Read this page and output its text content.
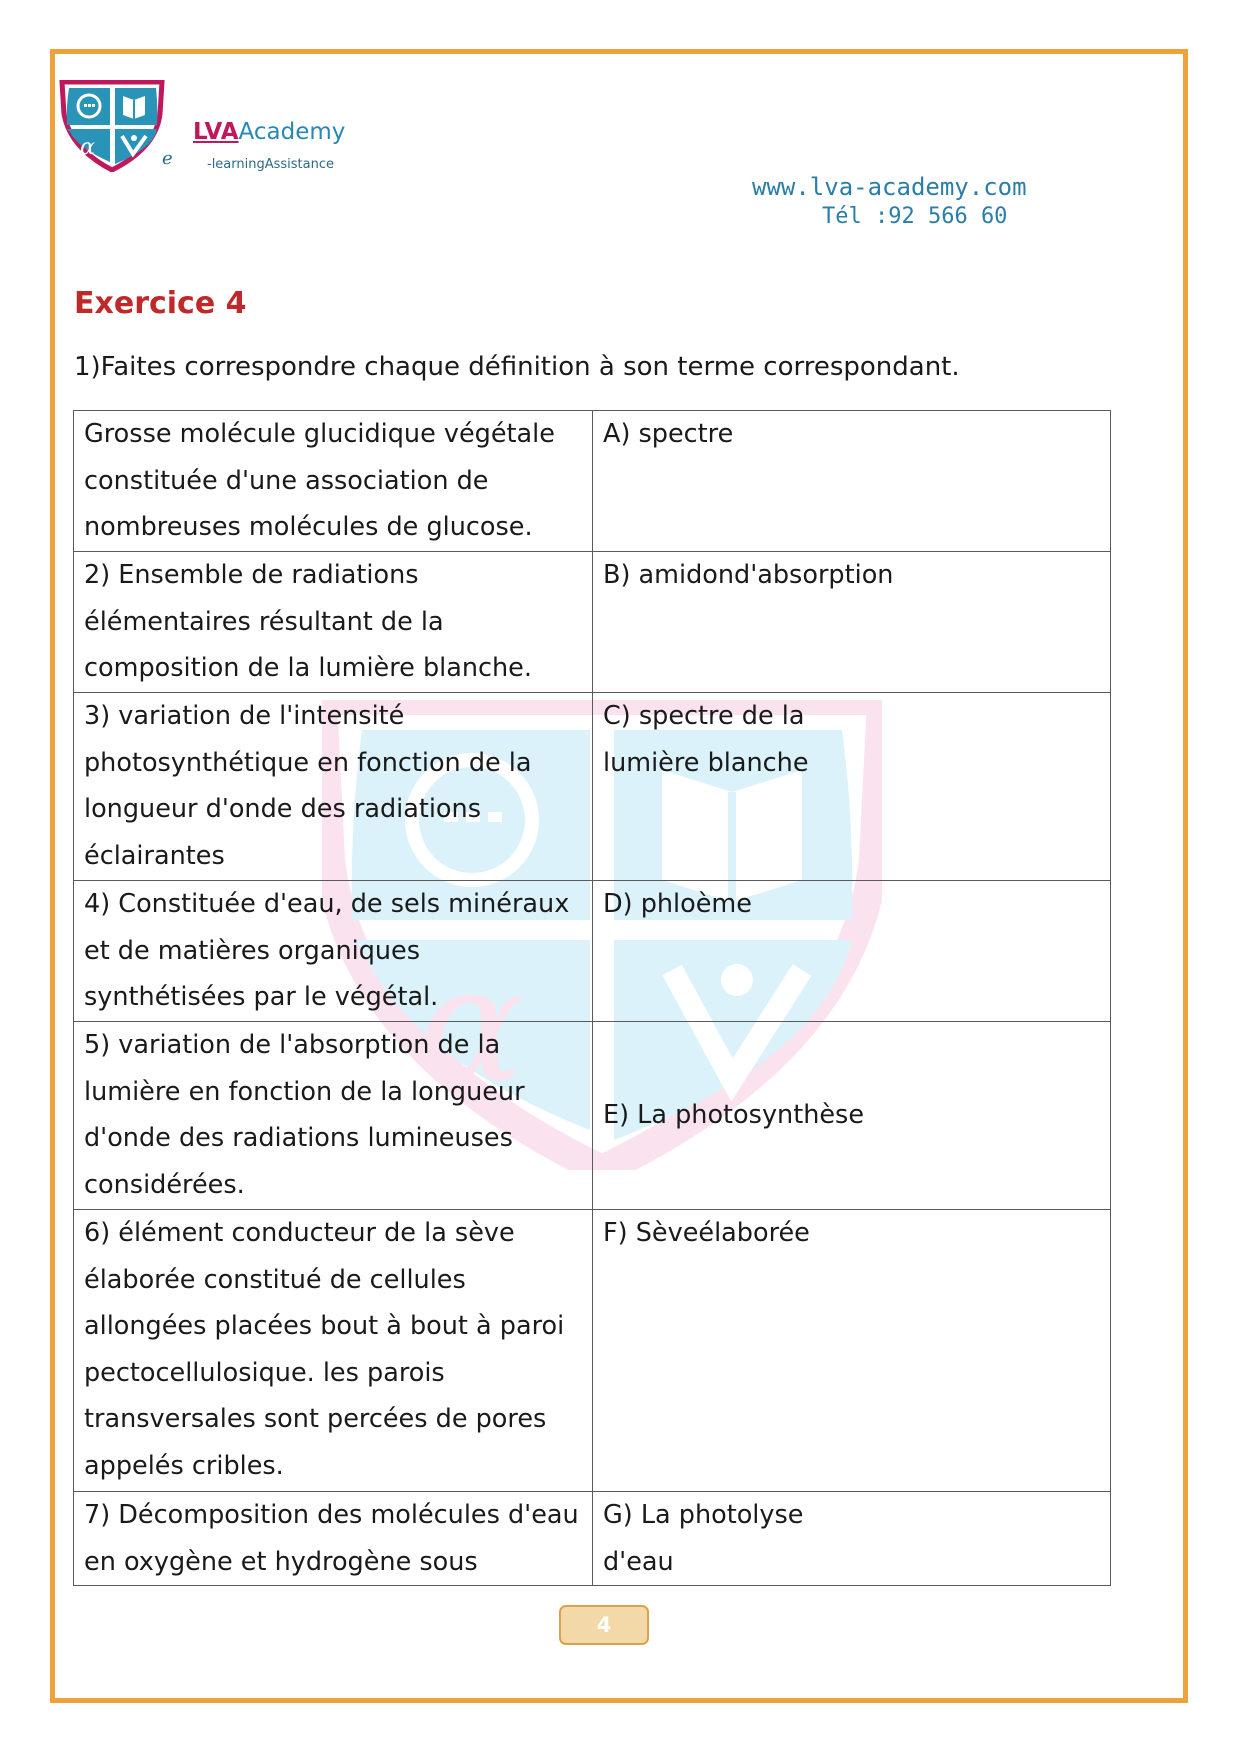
α	e
LVAAcademy
-learningAssistance
www.lva-academy.com
Tél :92 566 60
Exercice 4
1)Faites correspondre chaque définition à son terme correspondant.
α
Grosse molécule glucidique végétale constituée d'une association de nombreuses molécules de glucose.	A) spectre
2) Ensemble de radiations élémentaires résultant de la composition de la lumière blanche.	B) amidond'absorption
3) variation de l'intensité photosynthétique en fonction de la longueur d'onde des radiations éclairantes	C) spectre de la lumière blanche

4) Constituée d'eau, de sels minéraux et de matières organiques synthétisées par le végétal.	D) phloème
5) variation de l'absorption de la lumière en fonction de la longueur d'onde des radiations lumineuses considérées.	E) La photosynthèse
6) élément conducteur de la sève élaborée constitué de cellules allongées placées bout à bout à paroi pectocellulosique. les parois transversales sont percées de pores appelés cribles.	F) Sèveélaborée
7) Décomposition des molécules d'eau en oxygène et hydrogène sous	G) La photolyse d'eau
4
